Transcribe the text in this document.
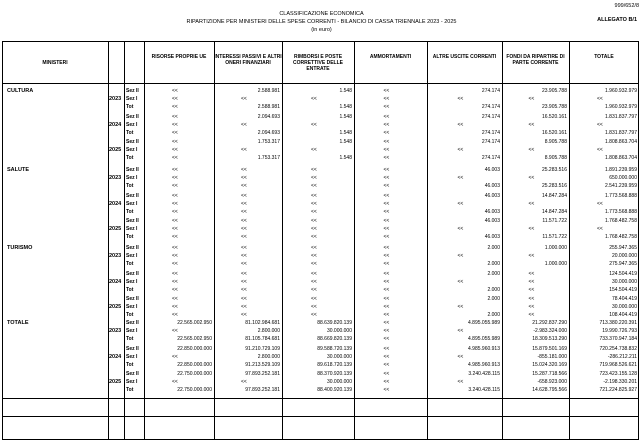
999/652/8
CLASSIFICAZIONE ECONOMICA
RIPARTIZIONE PER MINISTERI DELLE SPESE CORRENTI - BILANCIO DI CASSA TRIENNALE 2023 - 2025
(in euro)
ALLEGATO B/1
MINISTERI
RISORSE PROPRIE UE	INTERESSI PASSIVI E ALTRI ONERI FINANZIARI
RIMBORSI E POSTE CORRETTIVE DELLE ENTRATE
AMMORTAMENTI	ALTRE USCITE CORRENTI	FONDI DA RIPARTIRE DI PARTE CORRENTE
TOTALE
CULTURA
2023
Sez II	<<	2.588.981	1.548	<<	274.174	23.905.788	1.960.932.979
Sez I	<<	<<	<<	<<	<<	<<	<<
Tot	<<	2.588.981	1.548	<<	274.174	23.905.788	1.960.932.979
2024
Sez II	<<	2.094.693	1.548	<<	274.174	16.520.161	1.831.837.797
Sez I	<<	<<	<<	<<	<<	<<	<<
Tot	<<	2.094.693	1.548	<<	274.174	16.520.161	1.831.837.797
2025
Sez II	<<	1.753.317	1.548	<<	274.174	8.905.788	1.808.863.704
Sez I	<<	<<	<<	<<	<<	<<	<<
Tot	<<	1.753.317	1.548	<<	274.174	8.905.788	1.808.863.704
SALUTE
2023
Sez II	<<	<<	<<	<<	46.003	25.283.516	1.891.239.959
Sez I	<<	<<	<<	<<	<<	<<	650.000.000
Tot	<<	<<	<<	<<	46.003	25.283.516	2.541.239.959
2024
Sez II	<<	<<	<<	<<	46.003	14.847.284	1.773.568.888
Sez I	<<	<<	<<	<<	<<	<<	<<
Tot	<<	<<	<<	<<	46.003	14.847.284	1.773.568.888
2025
Sez II	<<	<<	<<	<<	46.003	11.571.722	1.768.482.758
Sez I	<<	<<	<<	<<	<<	<<	<<
Tot	<<	<<	<<	<<	46.003	11.571.722	1.768.482.758
TURISMO
2023
Sez II	<<	<<	<<	<<	2.000	1.000.000	255.947.365
Sez I	<<	<<	<<	<<	<<	<<	20.000.000
Tot	<<	<<	<<	<<	2.000	1.000.000	275.947.365
2024
Sez II	<<	<<	<<	<<	2.000	<<	124.504.419
Sez I	<<	<<	<<	<<	<<	<<	30.000.000
Tot	<<	<<	<<	<<	2.000	<<	154.504.419
2025
Sez II	<<	<<	<<	<<	2.000	<<	78.404.419
Sez I	<<	<<	<<	<<	<<	<<	30.000.000
Tot	<<	<<	<<	<<	2.000	<<	108.404.419
TOTALE
2023
Sez II	22.565.002.950	81.102.984.681	88.639.820.139	<<	4.895.055.989	21.292.837.290	713.380.220.391
Sez I	<<	2.800.000	30.000.000	<<	<<	-2.983.324.000	19.990.726.793
Tot	22.565.002.950	81.105.784.681	88.669.820.139	<<	4.895.055.989	18.309.513.290	733.370.947.184
2024
Sez II	22.850.000.000	91.210.729.109	89.588.720.139	<<	4.985.960.913	15.879.501.169	720.254.738.832
Sez I	<<	2.800.000	30.000.000	<<	<<	-855.181.000	-286.212.211
Tot	22.850.000.000	91.213.529.109	89.618.720.139	<<	4.985.960.913	15.024.320.169	719.968.526.621
2025
Sez II	22.750.000.000	97.893.252.181	88.370.920.139	<<	3.240.428.115	15.287.718.566	723.423.155.128
Sez I	<<	<<	30.000.000	<<	<<	-658.923.000	-2.198.330.201
Tot	22.750.000.000	97.893.252.181	88.400.920.139	<<	3.240.428.115	14.628.795.566	721.224.825.927
